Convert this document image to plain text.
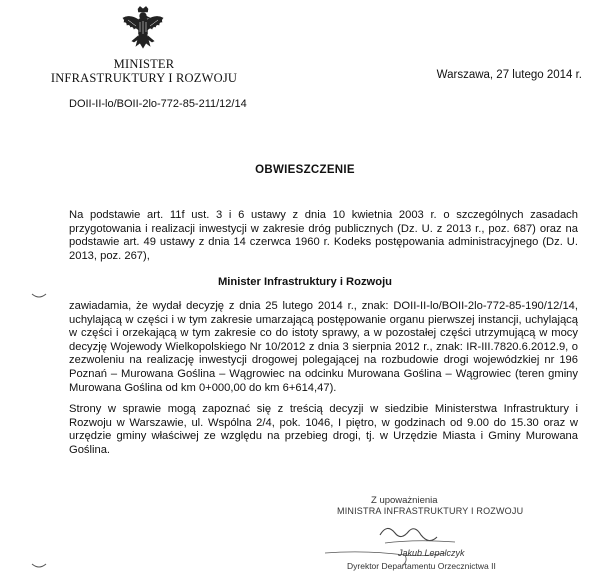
MINISTER
INFRASTRUKTURY I ROZWOJU	Warszawa, 27 lutego 2014 r.
DOII-II-lo/BOII-2lo-772-85-211/12/14
OBWIESZCZENIE

Na podstawie art. 11f ust. 3 i 6 ustawy z dnia 10 kwietnia 2003 r. o szczególnych zasadach przygotowania i realizacji inwestycji w zakresie dróg publicznych (Dz. U. z 2013 r., poz. 687) oraz na podstawie art. 49 ustawy z dnia 14 czerwca 1960 r. Kodeks postępowania administracyjnego (Dz. U. 2013, poz. 267),

Minister Infrastruktury i Rozwoju

zawiadamia, że wydał decyzję z dnia 25 lutego 2014 r., znak: DOII-II-lo/BOII-2lo-772-85-190/12/14, uchylającą w części i w tym zakresie umarzającą postępowanie organu pierwszej instancji, uchylającą w części i orzekającą w tym zakresie co do istoty sprawy, a w pozostałej części utrzymującą w mocy decyzję Wojewody Wielkopolskiego Nr 10/2012 z dnia 3 sierpnia 2012 r., znak: IR-III.7820.6.2012.9, o zezwoleniu na realizację inwestycji drogowej polegającej na rozbudowie drogi wojewódzkiej nr 196 Poznań – Murowana Goślina – Wągrowiec na odcinku Murowana Goślina – Wągrowiec (teren gminy Murowana Goślina od km 0+000,00 do km 6+614,47).

Strony w sprawie mogą zapoznać się z treścią decyzji w siedzibie Ministerstwa Infrastruktury i Rozwoju w Warszawie, ul. Wspólna 2/4, pok. 1046, I piętro, w godzinach od 9.00 do 15.30 oraz w urzędzie gminy właściwej ze względu na przebieg drogi, tj. w Urzędzie Miasta i Gminy Murowana Goślina.

Z upoważnienia
MINISTRA INFRASTRUKTURY I ROZWOJU
Jakub Lepalczyk
Dyrektor Departamentu Orzecznictwa II
